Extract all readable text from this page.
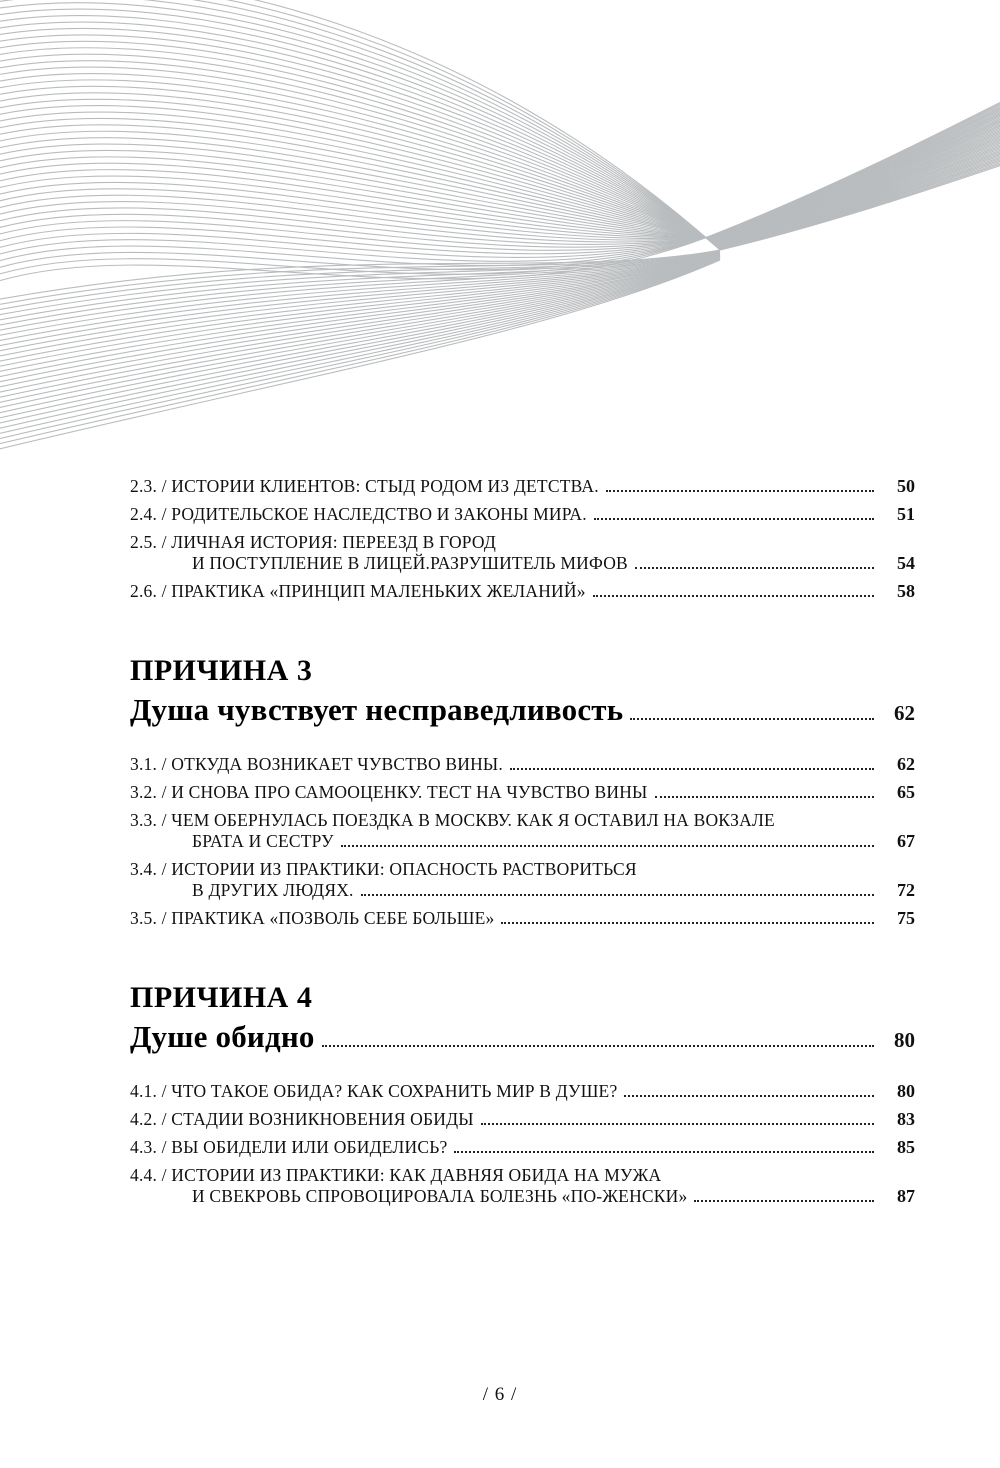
2.3. / ИСТОРИИ КЛИЕНТОВ: СТЫД РОДОМ ИЗ ДЕТСТВА.	50
2.4. / РОДИТЕЛЬСКОЕ НАСЛЕДСТВО И ЗАКОНЫ МИРА.	51
2.5. / ЛИЧНАЯ ИСТОРИЯ: ПЕРЕЕЗД В ГОРОД
И ПОСТУПЛЕНИЕ В ЛИЦЕЙ.РАЗРУШИТЕЛЬ МИФОВ	54
2.6. / ПРАКТИКА «ПРИНЦИП МАЛЕНЬКИХ ЖЕЛАНИЙ»	58
ПРИЧИНА 3
Душа чувствует несправедливость	62
3.1. / ОТКУДА ВОЗНИКАЕТ ЧУВСТВО ВИНЫ.	62
3.2. / И СНОВА ПРО САМООЦЕНКУ. ТЕСТ НА ЧУВСТВО ВИНЫ	65
3.3. / ЧЕМ ОБЕРНУЛАСЬ ПОЕЗДКА В МОСКВУ. КАК Я ОСТАВИЛ НА ВОКЗАЛЕ
БРАТА И СЕСТРУ	67
3.4. / ИСТОРИИ ИЗ ПРАКТИКИ: ОПАСНОСТЬ РАСТВОРИТЬСЯ
В ДРУГИХ ЛЮДЯХ.	72
3.5. / ПРАКТИКА «ПОЗВОЛЬ СЕБЕ БОЛЬШЕ»	75
ПРИЧИНА 4
Душе обидно	80
4.1. / ЧТО ТАКОЕ ОБИДА? КАК СОХРАНИТЬ МИР В ДУШЕ?	80
4.2. / СТАДИИ ВОЗНИКНОВЕНИЯ ОБИДЫ	83
4.3. / ВЫ ОБИДЕЛИ ИЛИ ОБИДЕЛИСЬ?	85
4.4. / ИСТОРИИ ИЗ ПРАКТИКИ: КАК ДАВНЯЯ ОБИДА НА МУЖА
И СВЕКРОВЬ СПРОВОЦИРОВАЛА БОЛЕЗНЬ «ПО-ЖЕНСКИ»	87
/ 6 /
